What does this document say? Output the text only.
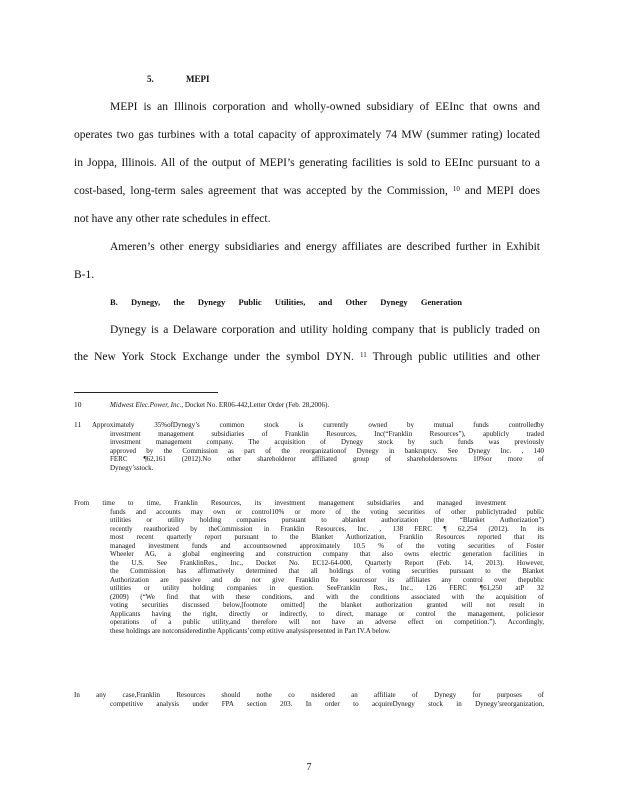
5.	MEPI
MEPI is an Illinois corporation and wholly-owned subsidiary of EEInc that owns and
operates two gas turbines with a total capacity of approximately 74 MW (summer rating) located
in Joppa, Illinois. All of the output of MEPI’s generating facilities is sold to EEInc pursuant to a
cost-based, long-term sales agreement that was accepted by the Commission, $^{10}$ and MEPI does
not have any other rate schedules in effect.
Ameren’s other energy subsidiaries and energy affiliates are described further in Exhibit
B-1.
B. Dynegy, the Dynegy Public Utilities, and Other Dynegy Generation
Dynegy is a Delaware corporation and utility holding company that is publicly traded on
the New York Stock Exchange under the symbol DYN. $^{11}$ Through public utilities and other
10	Midwest Elec.Power, Inc., Docket No. ER06-442,Letter Order (Feb. 28,2006).
11 Approximately 35%ofDynegy’s common stock is currently owned by mutual funds controlledby
investment management subsidiaries of Franklin Resources, Inc(“Franklin Resources”), apublicly traded
investment management company. The acquisition of Dynegy stock by such funds was previously
approved by the Commission as part of the reorganizationof Dynegy in bankruptcy. See Dynegy Inc. , 140
FERC ¶62,161 (2012).No other shareholderor affiliated group of shareholdersowns 10%or more of
Dynegy’sstock.
From time to time, Franklin Resources, its investment management subsidiaries and managed investment
funds and accounts may own or control10% or more of the voting securities of other publiclytraded public
utilities or utility holding companies pursuant to ablanket authorization (the “Blanket Authorization”)
recently reauthorized by theCommission in Franklin Resources, Inc. , 138 FERC ¶ 62,254 (2012). In its
most recent quarterly report pursuant to the Blanket Authorization, Franklin Resources reported that its
managed investment funds and accountsowned approximately 10.5 % of the voting securities of Foster
Wheeler AG, a global engineering and construction company that also owns electric generation facilities in
the U.S. See FranklinRes., Inc., Docket No. EC12-64-000, Quarterly Report (Feb. 14, 2013). However,
the Commission has affirmatively determined that all holdings of voting securities pursuant to the Blanket
Authorization are passive and do not give Franklin Re sourcesor its affiliates any control over thepublic
utilities or utility holding companies in question. SeeFranklin Res., Inc., 126 FERC ¶61,250 atP 32
(2009) (“We find that with these conditions, and with the conditions associated with the acquisition of
voting securities discussed below,[footnote omitted] the blanket authorization granted will not result in
Applicants having the right, directly or indirectly, to direct, manage or control the management, policiesor
operations of a public utility,and therefore will not have an adverse effect on competition.”). Accordingly,
these holdings are notconsideredinthe Applicants’comp etitive analysispresented in Part IV.A below.
In any case,Franklin Resources should nothe co nsidered an affiliate of Dynegy for purposes of
competitive analysis under FPA section 203. In order to acquireDynegy stock in Dynegy’sreorganization,
7
